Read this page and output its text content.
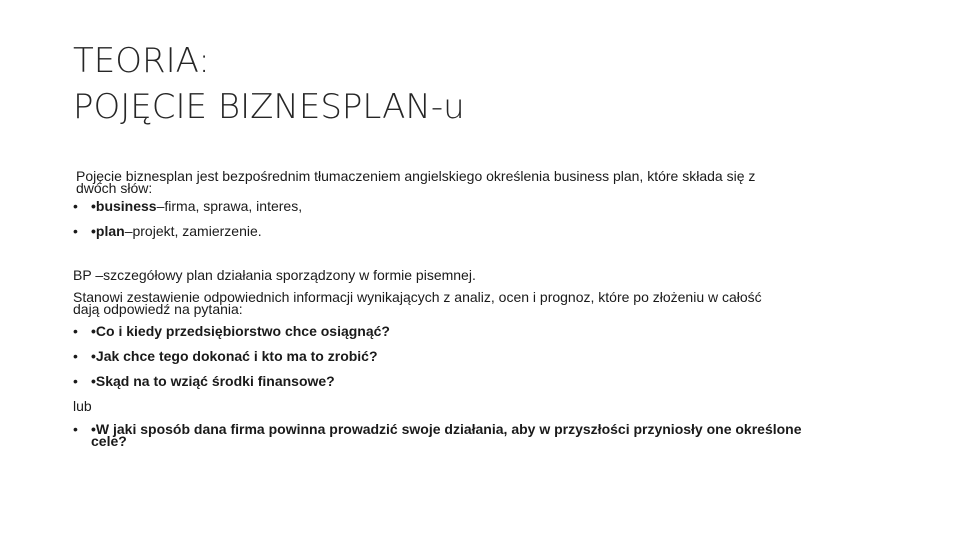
TEORIA:
POJĘCIE BIZNESPLAN-u

Pojęcie biznesplan jest bezpośrednim tłumaczeniem angielskiego określenia business plan, które składa się z
dwóch słów:

• •business–firma, sprawa, interes,

• •plan–projekt, zamierzenie.

BP –szczegółowy plan działania sporządzony w formie pisemnej.

Stanowi zestawienie odpowiednich informacji wynikających z analiz, ocen i prognoz, które po złożeniu w całość
dają odpowiedź na pytania:

• •Co i kiedy przedsiębiorstwo chce osiągnąć?

• •Jak chce tego dokonać i kto ma to zrobić?

• •Skąd na to wziąć środki finansowe?

lub

• •W jaki sposób dana firma powinna prowadzić swoje działania, aby w przyszłości przyniosły one określone
cele?
